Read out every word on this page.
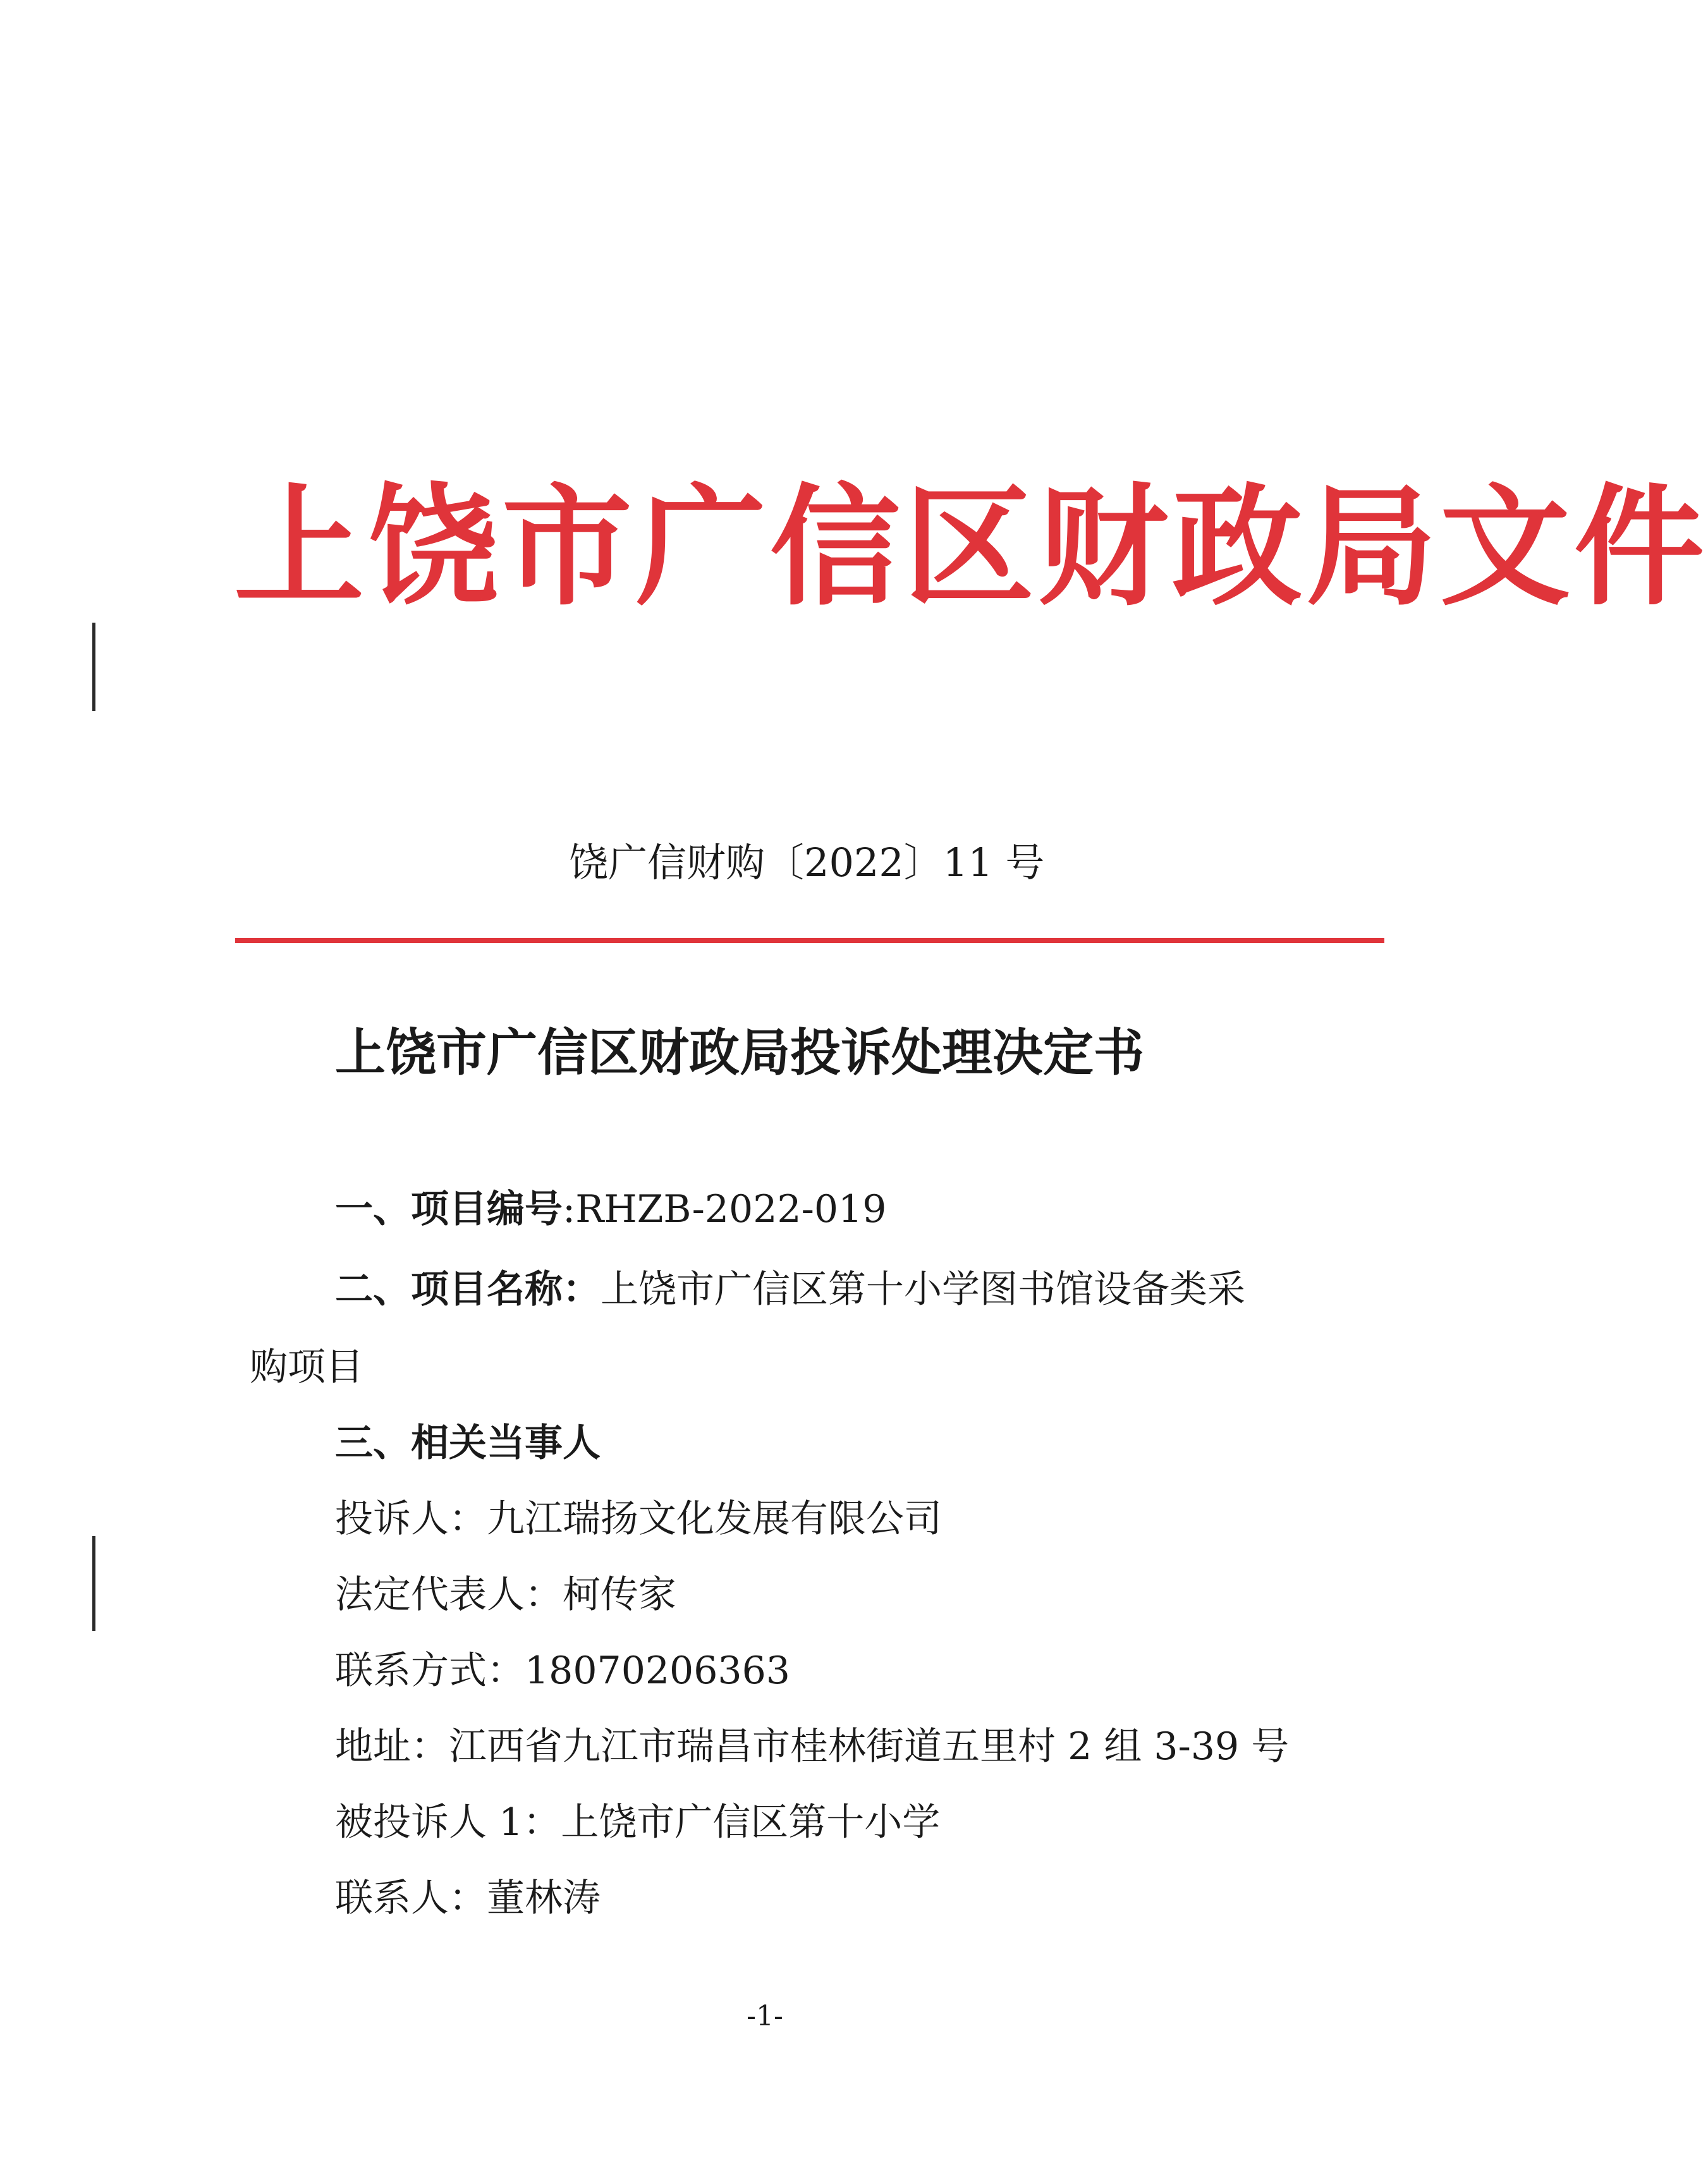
上饶市广信区财政局文件
饶广信财购〔2022〕11 号
上饶市广信区财政局投诉处理决定书
一、项目编号:RHZB-2022-019
二、项目名称：上饶市广信区第十小学图书馆设备类采
购项目
三、相关当事人
投诉人：九江瑞扬文化发展有限公司
法定代表人：柯传家
联系方式：18070206363
地址：江西省九江市瑞昌市桂林街道五里村 2 组 3-39 号
被投诉人 1：上饶市广信区第十小学
联系人：董林涛
-1-
